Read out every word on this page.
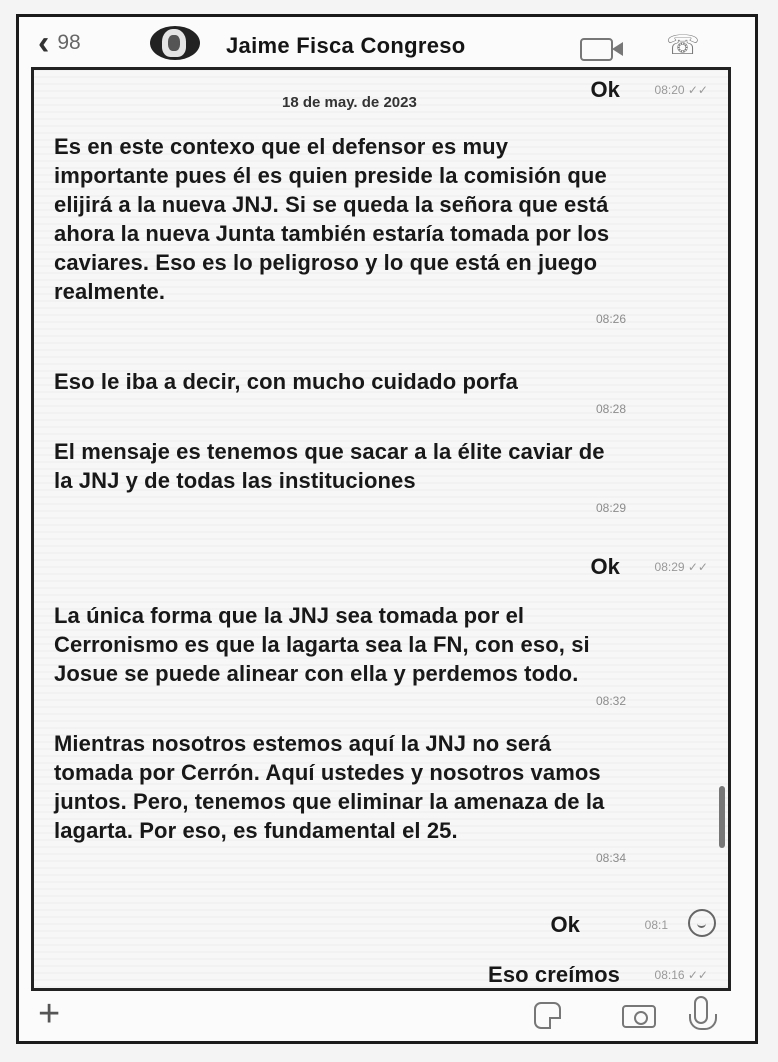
‹ 98	Jaime Fisca Congreso	☏
Ok	08:20 ✓✓
18 de may. de 2023
Es en este contexo que el defensor es muy importante pues él es quien preside la comisión que elijirá a la nueva JNJ. Si se queda la señora que está ahora la nueva Junta también estaría tomada por los caviares. Eso es lo peligroso y lo que está en juego realmente.
08:26
Eso le iba a decir, con mucho cuidado porfa
08:28
El mensaje es tenemos que sacar a la élite caviar de la JNJ y de todas las instituciones
08:29
Ok	08:29 ✓✓
La única forma que la JNJ sea tomada por el Cerronismo es que la lagarta sea la FN, con eso, si Josue se puede alinear con ella y perdemos todo.
08:32
Mientras nosotros estemos aquí la JNJ no será tomada por Cerrón. Aquí ustedes y nosotros vamos juntos. Pero, tenemos que eliminar la amenaza de la lagarta. Por eso, es fundamental el 25.
08:34
Ok	08:1
Eso creímos	08:16 ✓✓
+
